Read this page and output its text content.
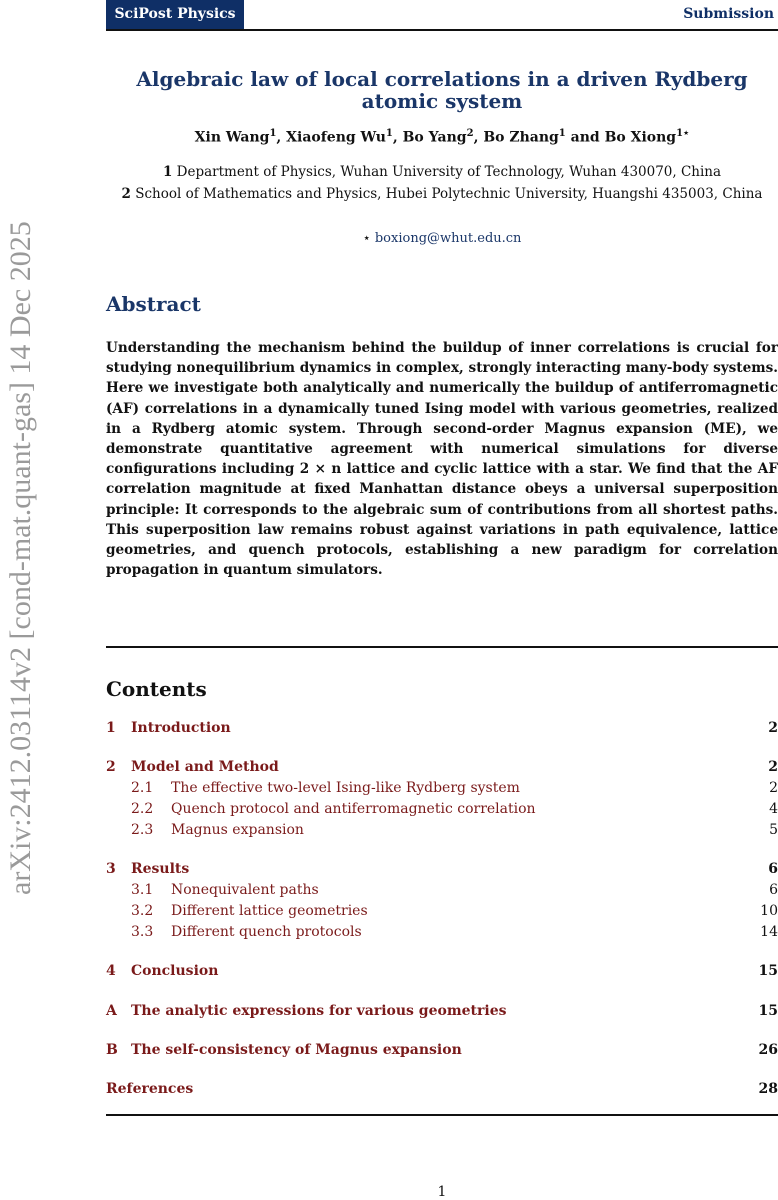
arXiv:2412.03114v2 [cond-mat.quant-gas] 14 Dec 2025
SciPost Physics	Submission
Algebraic law of local correlations in a driven Rydberg atomic system
Xin Wang$^1$, Xiaofeng Wu$^1$, Bo Yang$^2$, Bo Zhang$^1$ and Bo Xiong$^{1⋆}$
1 Department of Physics, Wuhan University of Technology, Wuhan 430070, China
2 School of Mathematics and Physics, Hubei Polytechnic University, Huangshi 435003, China
⋆ boxiong@whut.edu.cn
Abstract
Understanding the mechanism behind the buildup of inner correlations is crucial for studying nonequilibrium dynamics in complex, strongly interacting many-body systems. Here we investigate both analytically and numerically the buildup of antiferromagnetic (AF) correlations in a dynamically tuned Ising model with various geometries, realized in a Rydberg atomic system. Through second-order Magnus expansion (ME), we demonstrate quantitative agreement with numerical simulations for diverse configurations including 2 × n lattice and cyclic lattice with a star. We find that the AF correlation magnitude at fixed Manhattan distance obeys a universal superposition principle: It corresponds to the algebraic sum of contributions from all shortest paths. This superposition law remains robust against variations in path equivalence, lattice geometries, and quench protocols, establishing a new paradigm for correlation propagation in quantum simulators.
Contents
1 Introduction	2
2 Model and Method	2
2.1 The effective two-level Ising-like Rydberg system	2
2.2 Quench protocol and antiferromagnetic correlation	4
2.3 Magnus expansion	5
3 Results	6
3.1 Nonequivalent paths	6
3.2 Different lattice geometries	10
3.3 Different quench protocols	14
4 Conclusion	15
A The analytic expressions for various geometries	15
B The self-consistency of Magnus expansion	26
References	28
1
